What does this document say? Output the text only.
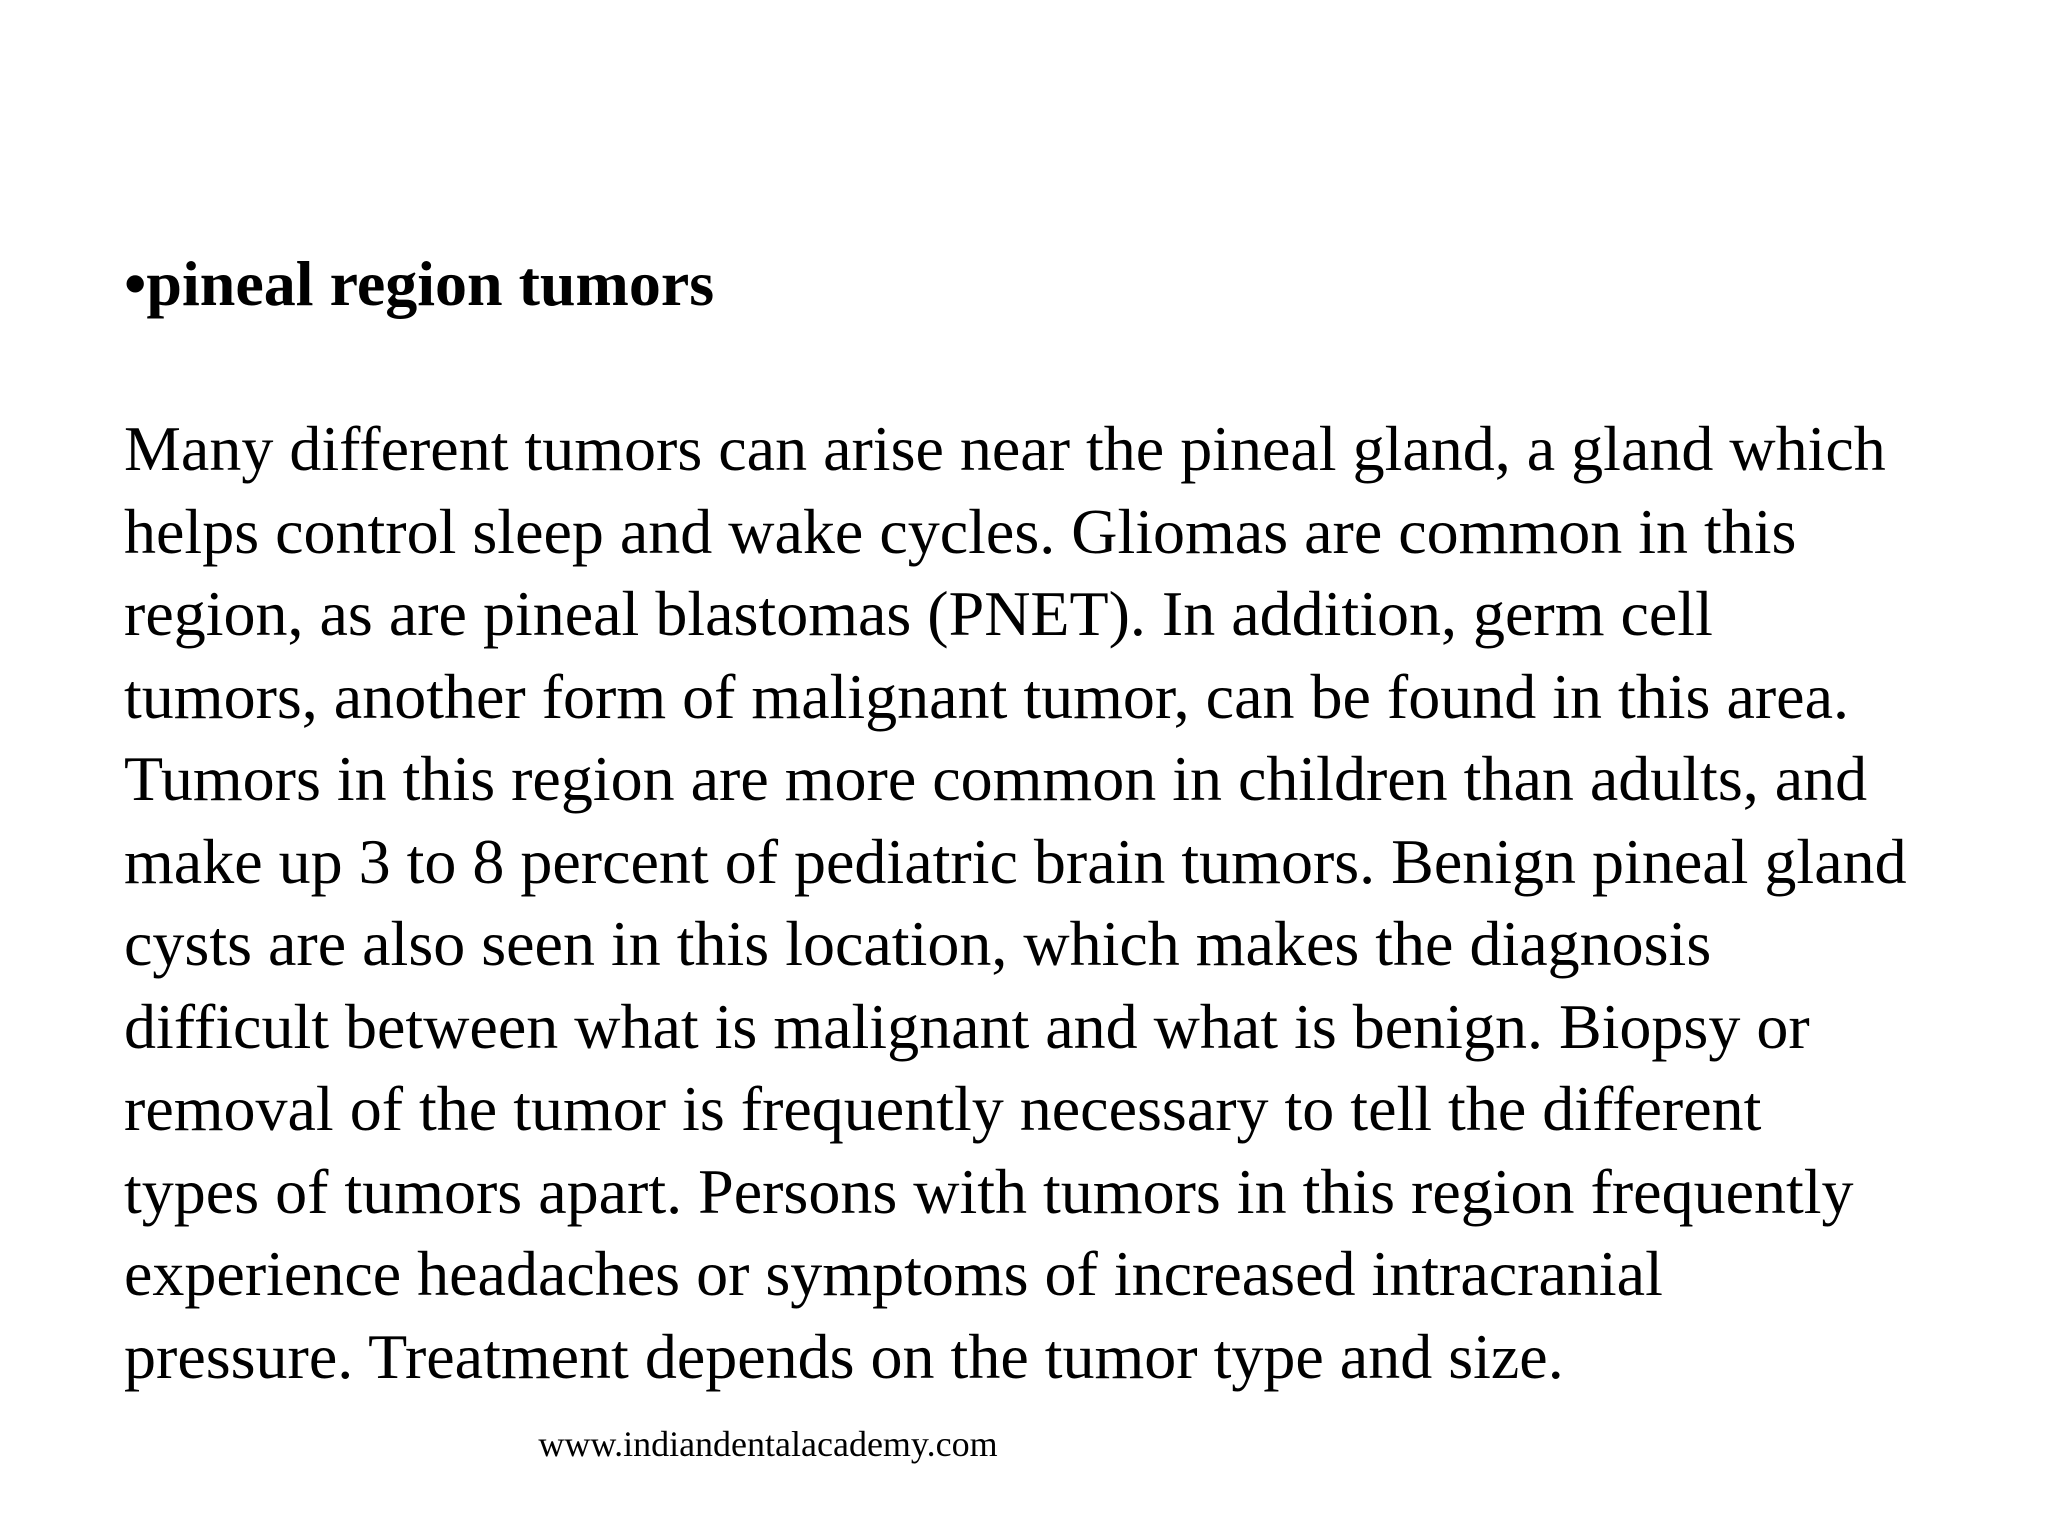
•pineal region tumors
Many different tumors can arise near the pineal gland, a gland which
helps control sleep and wake cycles. Gliomas are common in this
region, as are pineal blastomas (PNET). In addition, germ cell
tumors, another form of malignant tumor, can be found in this area.
Tumors in this region are more common in children than adults, and
make up 3 to 8 percent of pediatric brain tumors. Benign pineal gland
cysts are also seen in this location, which makes the diagnosis
difficult between what is malignant and what is benign. Biopsy or
removal of the tumor is frequently necessary to tell the different
types of tumors apart. Persons with tumors in this region frequently
experience headaches or symptoms of increased intracranial
pressure. Treatment depends on the tumor type and size.

www.indiandentalacademy.com
